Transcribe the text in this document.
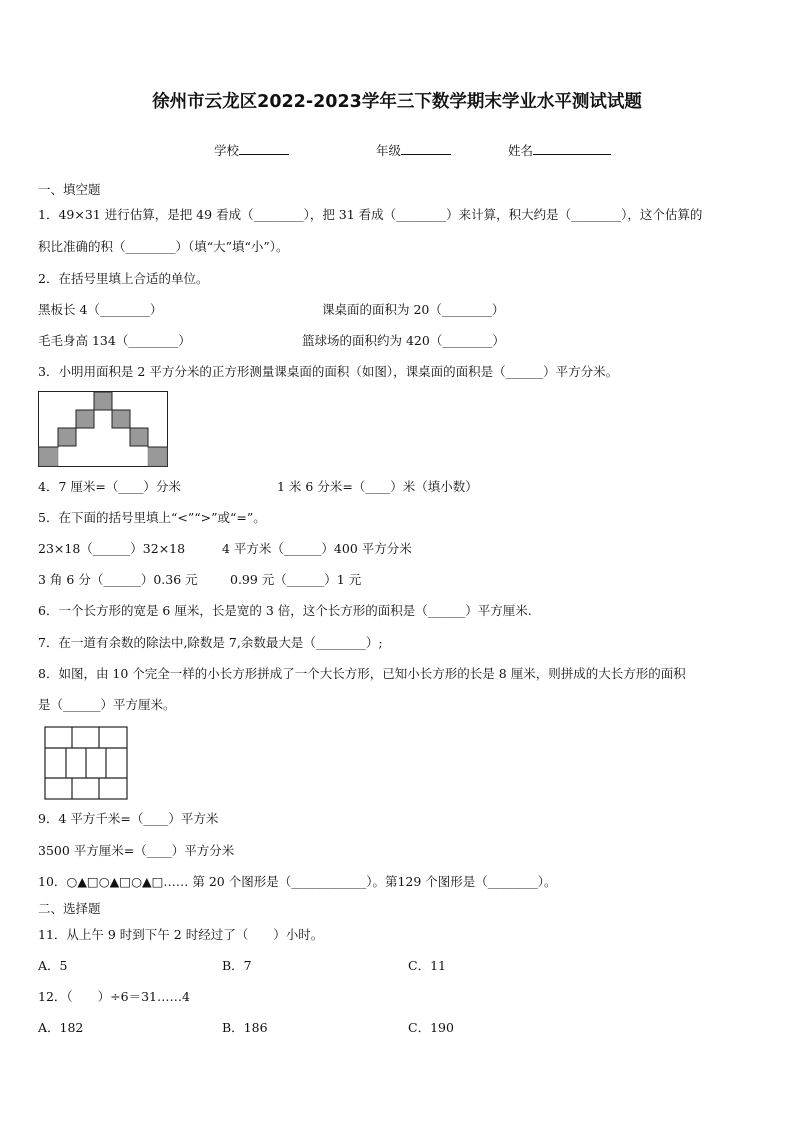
徐州市云龙区2022-2023学年三下数学期末学业水平测试试题
学校	年级	姓名
一、填空题
1．49×31 进行估算，是把 49 看成（________），把 31 看成（________）来计算，积大约是（________），这个估算的
积比准确的积（________）（填“大”填“小”）。
2．在括号里填上合适的单位。
黑板长 4（________）	课桌面的面积为 20（________）
毛毛身高 134（________）	篮球场的面积约为 420（________）
3．小明用面积是 2 平方分米的正方形测量课桌面的面积（如图），课桌面的面积是（______）平方分米。
4．7 厘米=（____）分米	1 米 6 分米=（____）米（填小数）
5．在下面的括号里填上“<”“>”或“=”。
23×18（______）32×18	4 平方米（______）400 平方分米
3 角 6 分（______）0.36 元	0.99 元（______）1 元
6．一个长方形的宽是 6 厘米，长是宽的 3 倍，这个长方形的面积是（______）平方厘米.
7．在一道有余数的除法中,除数是 7,余数最大是（________）;
8．如图，由 10 个完全一样的小长方形拼成了一个大长方形，已知小长方形的长是 8 厘米，则拼成的大长方形的面积
是（______）平方厘米。
9．4 平方千米=（____）平方米
3500 平方厘米=（____）平方分米
10．○▲□○▲□○▲□…… 第 20 个图形是（____________）。第129 个图形是（________）。
二、选择题
11．从上午 9 时到下午 2 时经过了（　　）小时。
A．5	B．7	C．11
12．（　　）÷6＝31……4
A．182	B．186	C．190
